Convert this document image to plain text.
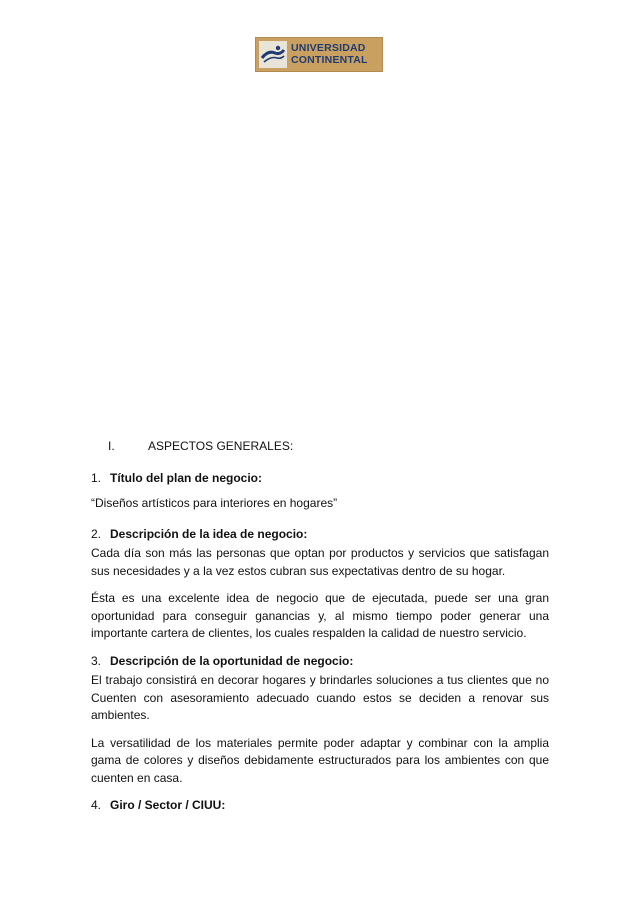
UNIVERSIDAD
CONTINENTAL
I.	ASPECTOS GENERALES:
1. Título del plan de negocio:

“Diseños artísticos para interiores en hogares”

2. Descripción de la idea de negocio:

Cada día son más las personas que optan por productos y servicios que satisfagan sus necesidades y a la vez estos cubran sus expectativas dentro de su hogar.

Ésta es una excelente idea de negocio que de ejecutada, puede ser una gran oportunidad para conseguir ganancias y, al mismo tiempo poder generar una importante cartera de clientes, los cuales respalden la calidad de nuestro servicio.

3. Descripción de la oportunidad de negocio:

El trabajo consistirá en decorar hogares y brindarles soluciones a tus clientes que no Cuenten con asesoramiento adecuado cuando estos se deciden a renovar sus ambientes.

La versatilidad de los materiales permite poder adaptar y combinar con la amplia gama de colores y diseños debidamente estructurados para los ambientes con que cuenten en casa.

4. Giro / Sector / CIUU:
